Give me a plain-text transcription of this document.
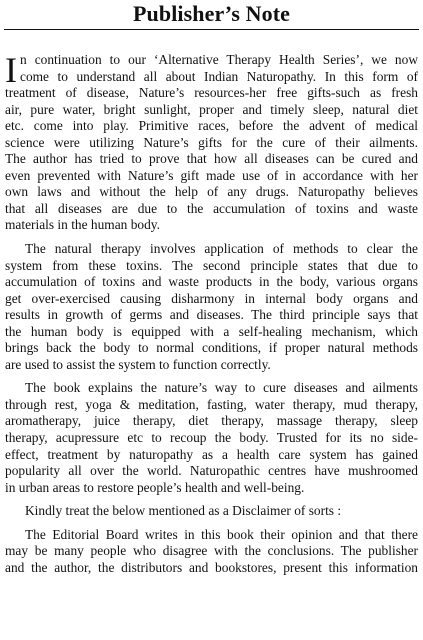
Publisher’s Note
I n continuation to our ‘Alternative Therapy Health Series’, we now
come to understand all about Indian Naturopathy. In this form of
treatment of disease, Nature’s resources-her free gifts-such as fresh
air, pure water, bright sunlight, proper and timely sleep, natural diet
etc. come into play. Primitive races, before the advent of medical
science were utilizing Nature’s gifts for the cure of their ailments.
The author has tried to prove that how all diseases can be cured and
even prevented with Nature’s gift made use of in accordance with her
own laws and without the help of any drugs. Naturopathy believes
that all diseases are due to the accumulation of toxins and waste
materials in the human body.
The natural therapy involves application of methods to clear the
system from these toxins. The second principle states that due to
accumulation of toxins and waste products in the body, various organs
get over-exercised causing disharmony in internal body organs and
results in growth of germs and diseases. The third principle says that
the human body is equipped with a self-healing mechanism, which
brings back the body to normal conditions, if proper natural methods
are used to assist the system to function correctly.
The book explains the nature’s way to cure diseases and ailments
through rest, yoga & meditation, fasting, water therapy, mud therapy,
aromatherapy, juice therapy, diet therapy, massage therapy, sleep
therapy, acupressure etc to recoup the body. Trusted for its no side-
effect, treatment by naturopathy as a health care system has gained
popularity all over the world. Naturopathic centres have mushroomed
in urban areas to restore people’s health and well-being.
Kindly treat the below mentioned as a Disclaimer of sorts :
The Editorial Board writes in this book their opinion and that there
may be many people who disagree with the conclusions. The publisher
and the author, the distributors and bookstores, present this information
